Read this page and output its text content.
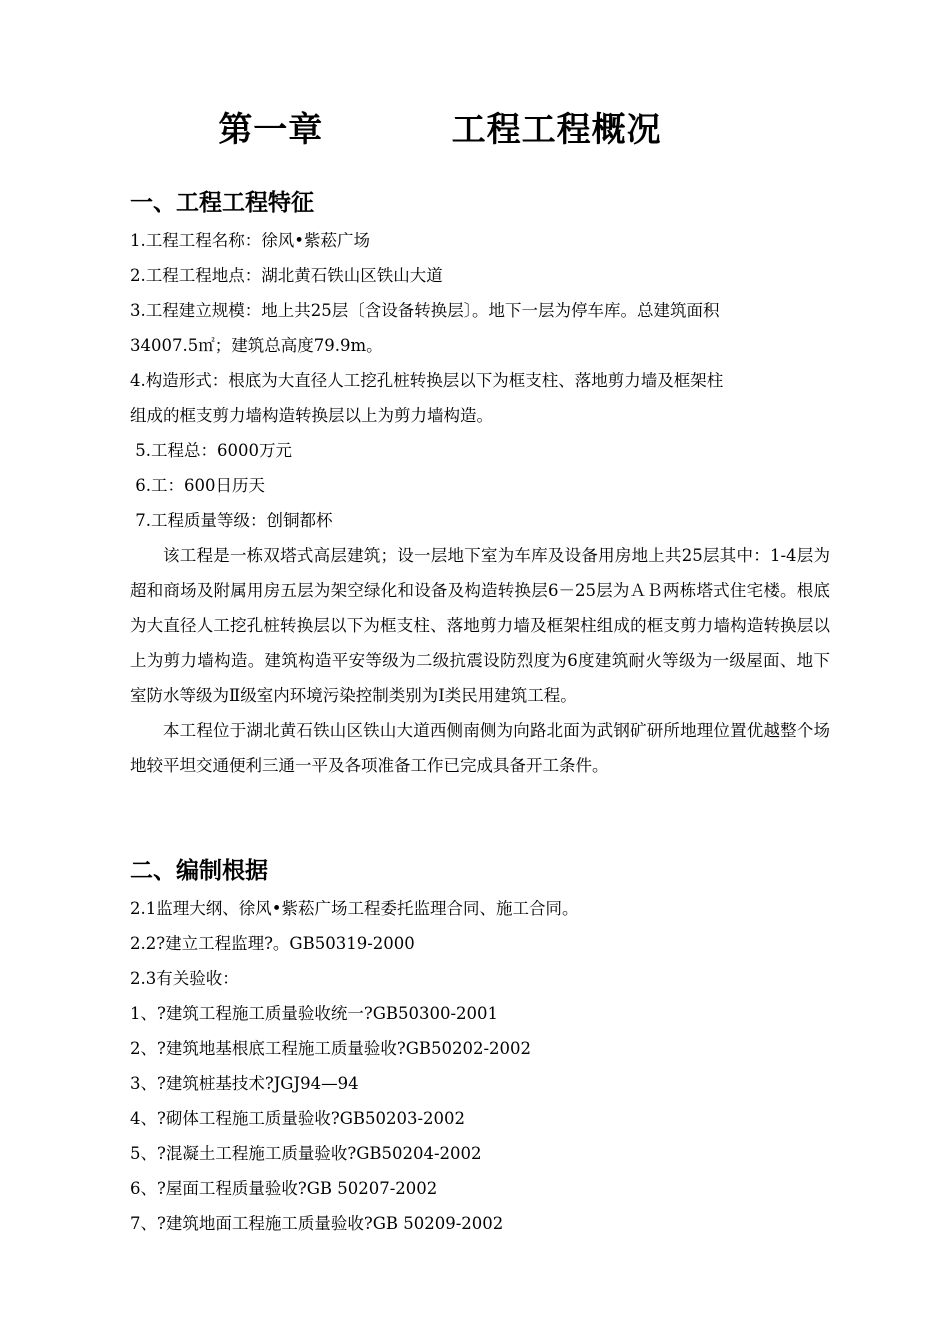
第一章          工程工程概况
一、工程工程特征
1.工程工程名称：徐风•紫菘广场
2.工程工程地点：湖北黄石铁山区铁山大道
3.工程建立规模：地上共25层〔含设备转换层〕。地下一层为停车库。总建筑面积
34007.5㎡；建筑总高度79.9m。
4.构造形式：根底为大直径人工挖孔桩转换层以下为框支柱、落地剪力墙及框架柱
组成的框支剪力墙构造转换层以上为剪力墙构造。
5.工程总：6000万元
6.工：600日历天
7.工程质量等级：创铜都杯
该工程是一栋双塔式高层建筑；设一层地下室为车库及设备用房地上共25层其中：1-4层为超和商场及附属用房五层为架空绿化和设备及构造转换层6－25层为ＡＢ两栋塔式住宅楼。根底为大直径人工挖孔桩转换层以下为框支柱、落地剪力墙及框架柱组成的框支剪力墙构造转换层以上为剪力墙构造。建筑构造平安等级为二级抗震设防烈度为6度建筑耐火等级为一级屋面、地下室防水等级为Ⅱ级室内环境污染控制类别为Ⅰ类民用建筑工程。
本工程位于湖北黄石铁山区铁山大道西侧南侧为向路北面为武钢矿研所地理位置优越整个场地较平坦交通便利三通一平及各项准备工作已完成具备开工条件。
二、编制根据
2.1监理大纲、徐风•紫菘广场工程委托监理合同、施工合同。
2.2?建立工程监理?。GB50319-2000
2.3有关验收：
1、?建筑工程施工质量验收统一?GB50300-2001
2、?建筑地基根底工程施工质量验收?GB50202-2002
3、?建筑桩基技术?JGJ94—94
4、?砌体工程施工质量验收?GB50203-2002
5、?混凝土工程施工质量验收?GB50204-2002
6、?屋面工程质量验收?GB 50207-2002
7、?建筑地面工程施工质量验收?GB 50209-2002
